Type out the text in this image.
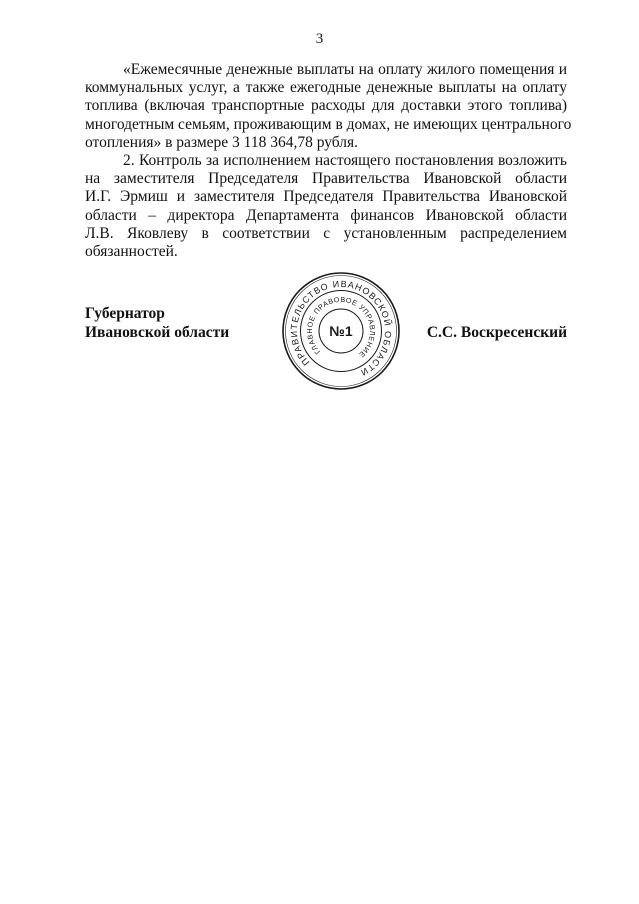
3
«Ежемесячные денежные выплаты на оплату жилого помещения и
коммунальных услуг, а также ежегодные денежные выплаты на оплату
топлива (включая транспортные расходы для доставки этого топлива)
многодетным семьям, проживающим в домах, не имеющих центрального
отопления» в размере 3 118 364,78 рубля.
2. Контроль за исполнением настоящего постановления возложить
на заместителя Председателя Правительства Ивановской области
И.Г. Эрмиш и заместителя Председателя Правительства Ивановской
области – директора Департамента финансов Ивановской области
Л.В. Яковлеву в соответствии с установленным распределением
обязанностей.
Губернатор
Ивановской области	С.С. Воскресенский
ПРАВИТЕЛЬСТВО ИВАНОВСКОЙ ОБЛАСТИ
ГЛАВНОЕ ПРАВОВОЕ УПРАВЛЕНИЕ
№1
